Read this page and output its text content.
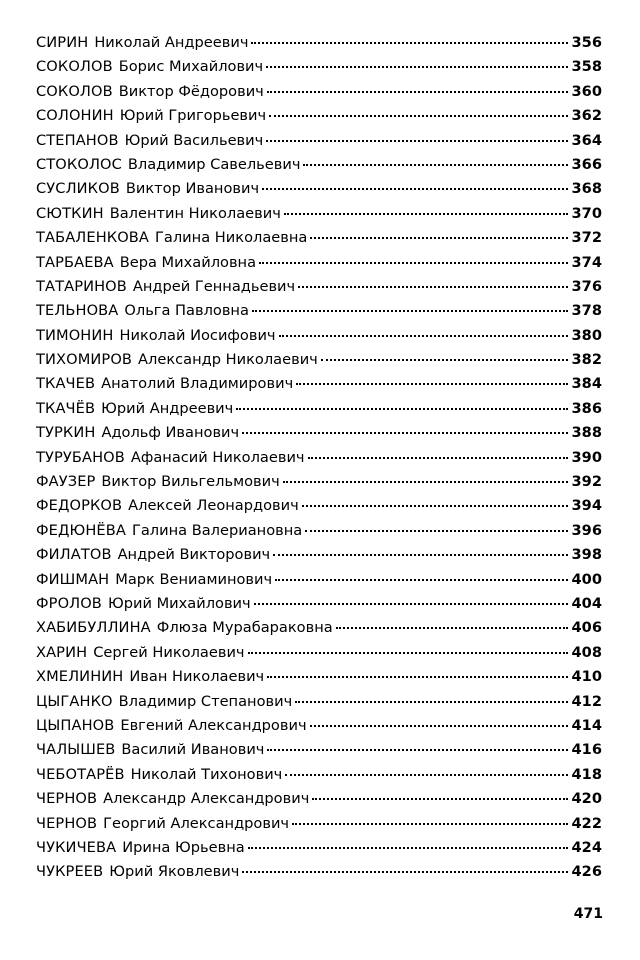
СИРИН Николай Андреевич	356
СОКОЛОВ Борис Михайлович	358
СОКОЛОВ Виктор Фёдорович	360
СОЛОНИН Юрий Григорьевич	362
СТЕПАНОВ Юрий Васильевич	364
СТОКОЛОС Владимир Савельевич	366
СУСЛИКОВ Виктор Иванович	368
СЮТКИН Валентин Николаевич	370
ТАБАЛЕНКОВА Галина Николаевна	372
ТАРБАЕВА Вера Михайловна	374
ТАТАРИНОВ Андрей Геннадьевич	376
ТЕЛЬНОВА Ольга Павловна	378
ТИМОНИН Николай Иосифович	380
ТИХОМИРОВ Александр Николаевич	382
ТКАЧЕВ Анатолий Владимирович	384
ТКАЧЁВ Юрий Андреевич	386
ТУРКИН Адольф Иванович	388
ТУРУБАНОВ Афанасий Николаевич	390
ФАУЗЕР Виктор Вильгельмович	392
ФЕДОРКОВ Алексей Леонардович	394
ФЕДЮНЁВА Галина Валериановна	396
ФИЛАТОВ Андрей Викторович	398
ФИШМАН Марк Вениаминович	400
ФРОЛОВ Юрий Михайлович	404
ХАБИБУЛЛИНА Флюза Мурабараковна	406
ХАРИН Сергей Николаевич	408
ХМЕЛИНИН Иван Николаевич	410
ЦЫГАНКО Владимир Степанович	412
ЦЫПАНОВ Евгений Александрович	414
ЧАЛЫШЕВ Василий Иванович	416
ЧЕБОТАРЁВ Николай Тихонович	418
ЧЕРНОВ Александр Александрович	420
ЧЕРНОВ Георгий Александрович	422
ЧУКИЧЕВА Ирина Юрьевна	424
ЧУКРЕЕВ Юрий Яковлевич	426
471
